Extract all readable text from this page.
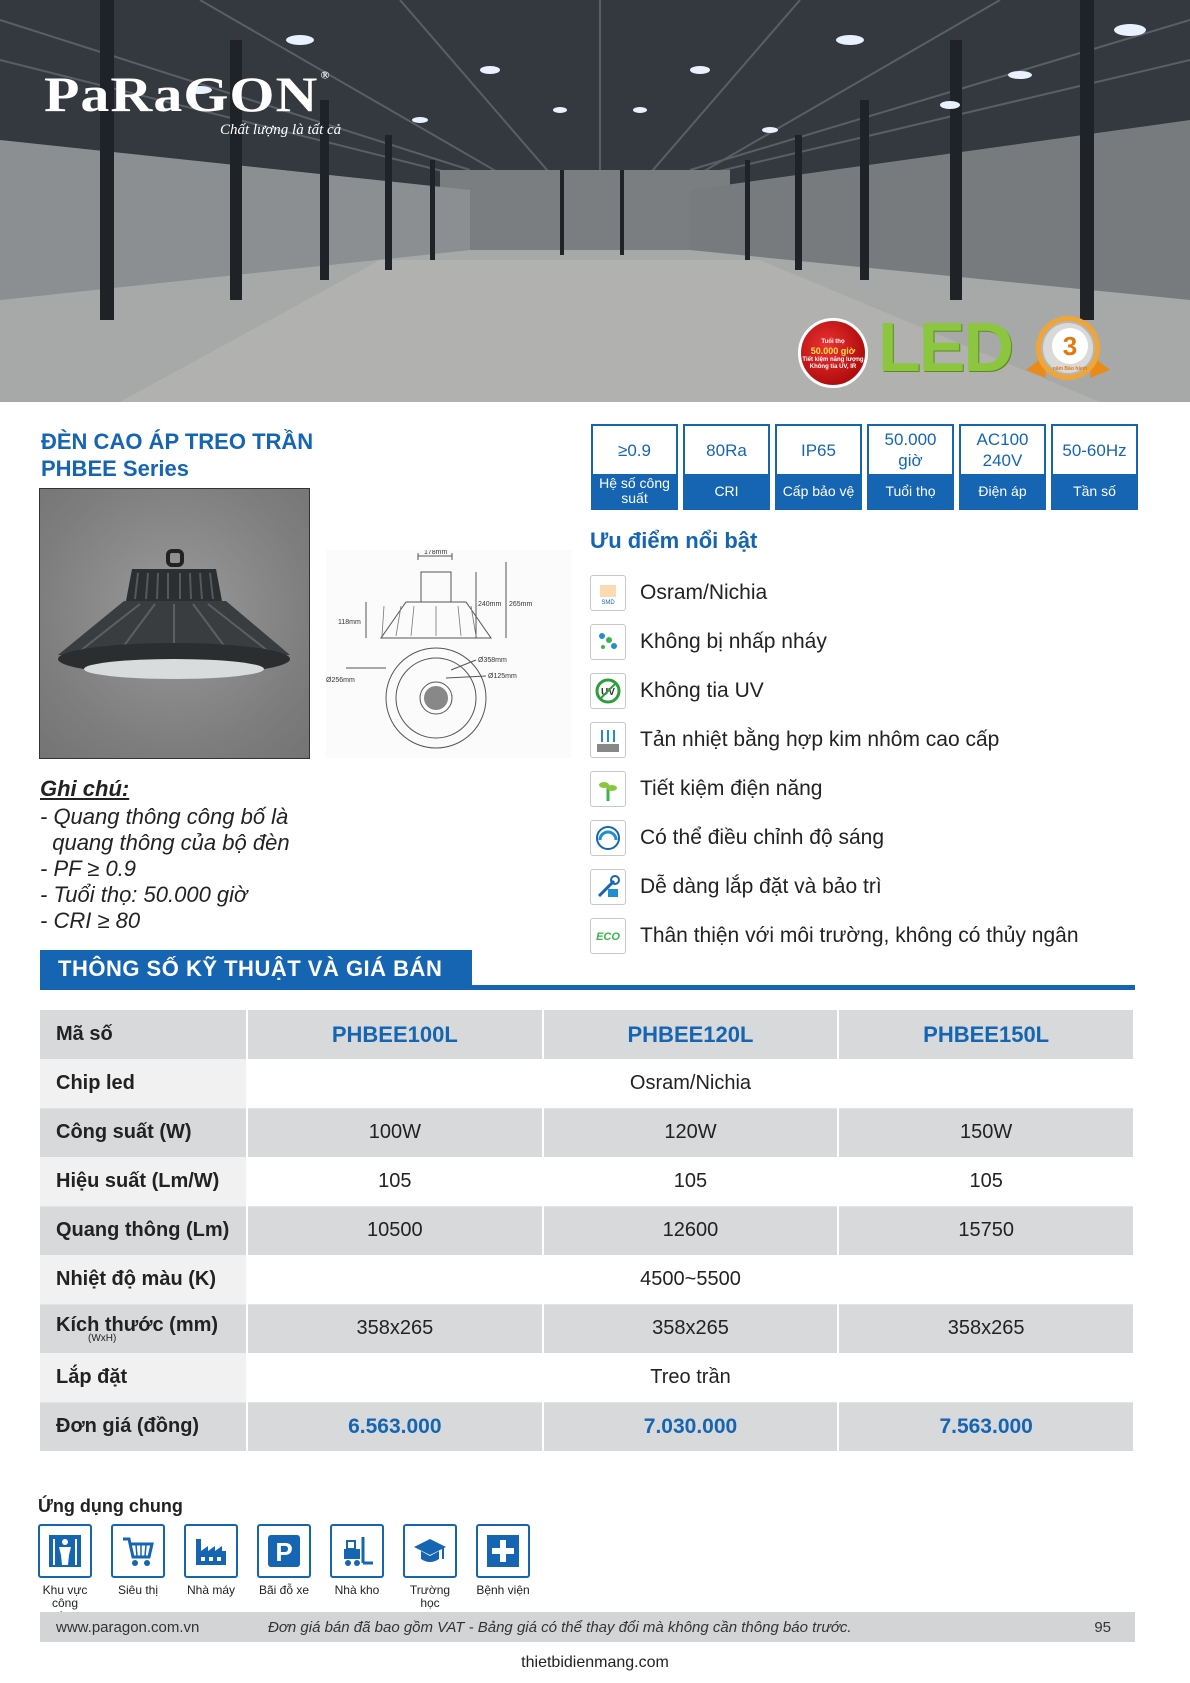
PaRaGON ®
Chất lượng là tất cả
Tuổi thọ
50.000 giờ
Tiết kiệm năng lượng
Không tia UV, IR LED	3
năm Bảo hành
ĐÈN CAO ÁP TREO TRẦN
PHBEE Series
178mm
240mm 265mm
118mm
Ø358mm
Ø256mm
Ø125mm
≥0.9
Hệ số công suất
80Ra
CRI
IP65
Cấp bảo vệ
50.000 giờ
Tuổi thọ
AC100 240V
Điện áp
50-60Hz
Tần số
Ưu điểm nổi bật
SMD Osram/Nichia
Không bị nhấp nháy
UV Không tia UV
Tản nhiệt bằng hợp kim nhôm cao cấp
Tiết kiệm điện năng
Có thể điều chỉnh độ sáng
Dễ dàng lắp đặt và bảo trì
ECO Thân thiện với môi trường, không có thủy ngân
Ghi chú:
- Quang thông công bố là
quang thông của bộ đèn
- PF ≥ 0.9
- Tuổi thọ: 50.000 giờ
- CRI ≥ 80
THÔNG SỐ KỸ THUẬT VÀ GIÁ BÁN
Mã số	PHBEE100L	PHBEE120L	PHBEE150L
Chip led	Osram/Nichia		
Công suất (W)	100W	120W	150W
Hiệu suất (Lm/W)	105	105	105
Quang thông (Lm)	10500	12600	15750
Nhiệt độ màu (K)	4500~5500		
Kích thước (mm)
(WxH)	358x265	358x265	358x265
Lắp đặt	Treo trần		
Đơn giá (đồng)	6.563.000	7.030.000	7.563.000
Ứng dụng chung
Khu vực công
Siêu thị	Nhà máy
P
Bãi đỗ xe	Nhà kho	Trường học
Bệnh viện
www.paragon.com.vn	Đơn giá bán đã bao gồm VAT - Bảng giá có thể thay đổi mà không cần thông báo trước.	95
thietbidienmang.com
